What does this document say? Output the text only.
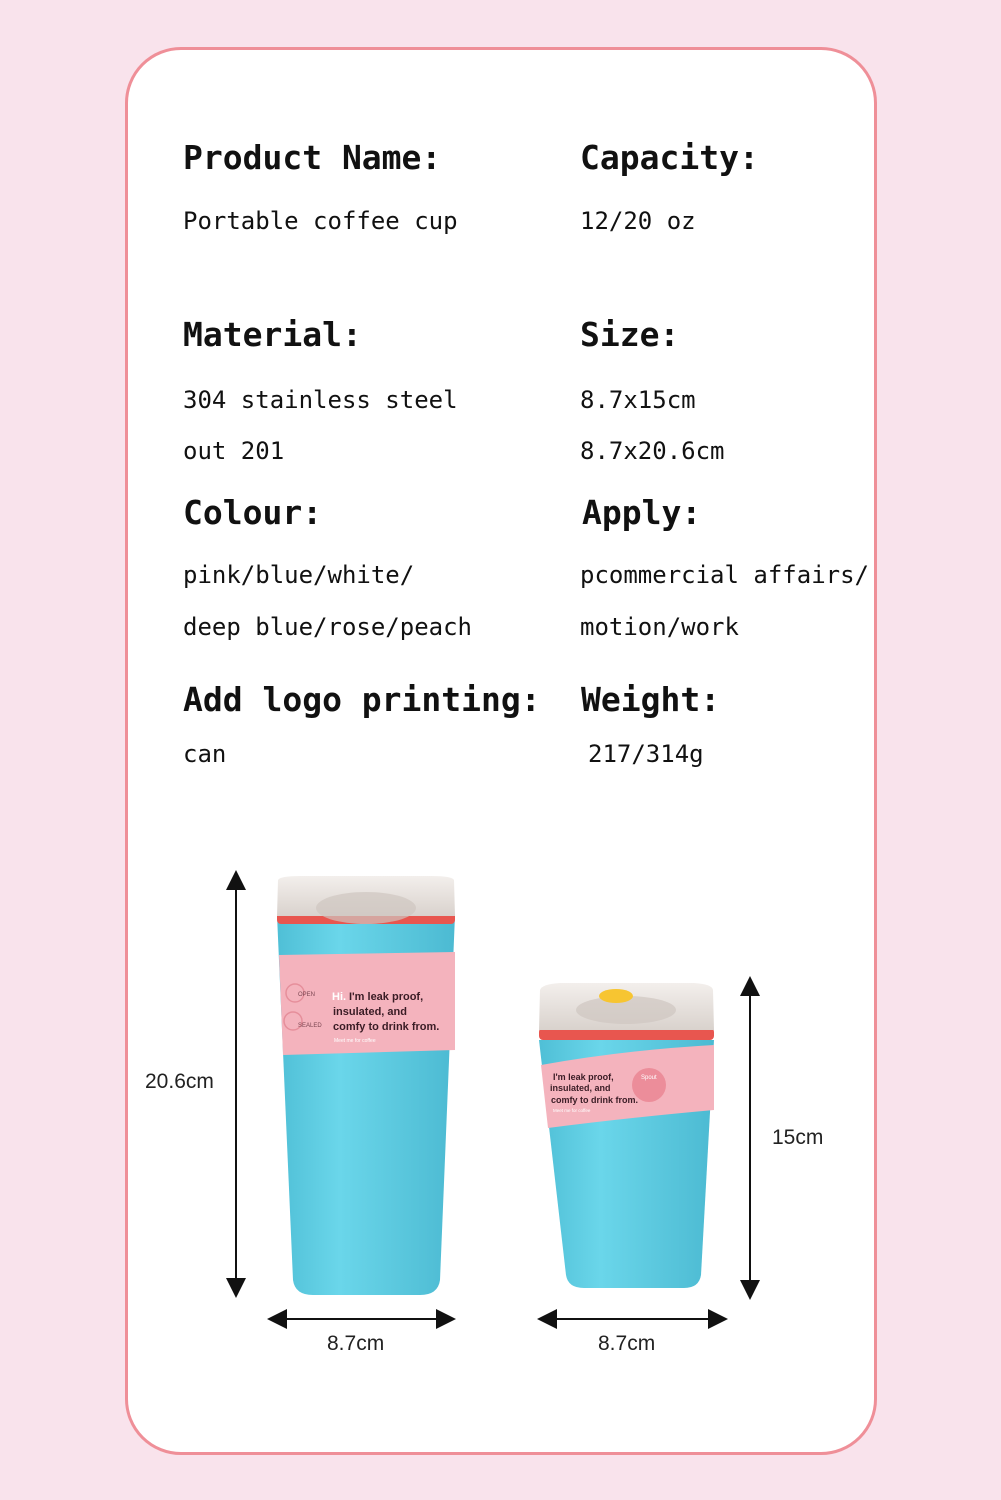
Product Name:
Portable coffee cup
Capacity:
12/20 oz
Material:
304 stainless steel
out 201
Size:
8.7x15cm
8.7x20.6cm
Colour:
pink/blue/white/
deep blue/rose/peach
Apply:
pcommercial affairs/
motion/work
Add logo printing:
can
Weight:
217/314g
OPEN
SEALED
Hi. I'm leak proof,
insulated, and
comfy to drink from.
Meet me for coffee
Spout
I'm leak proof,
insulated, and
comfy to drink from.
Meet me for coffee
20.6cm
15cm
8.7cm	8.7cm
